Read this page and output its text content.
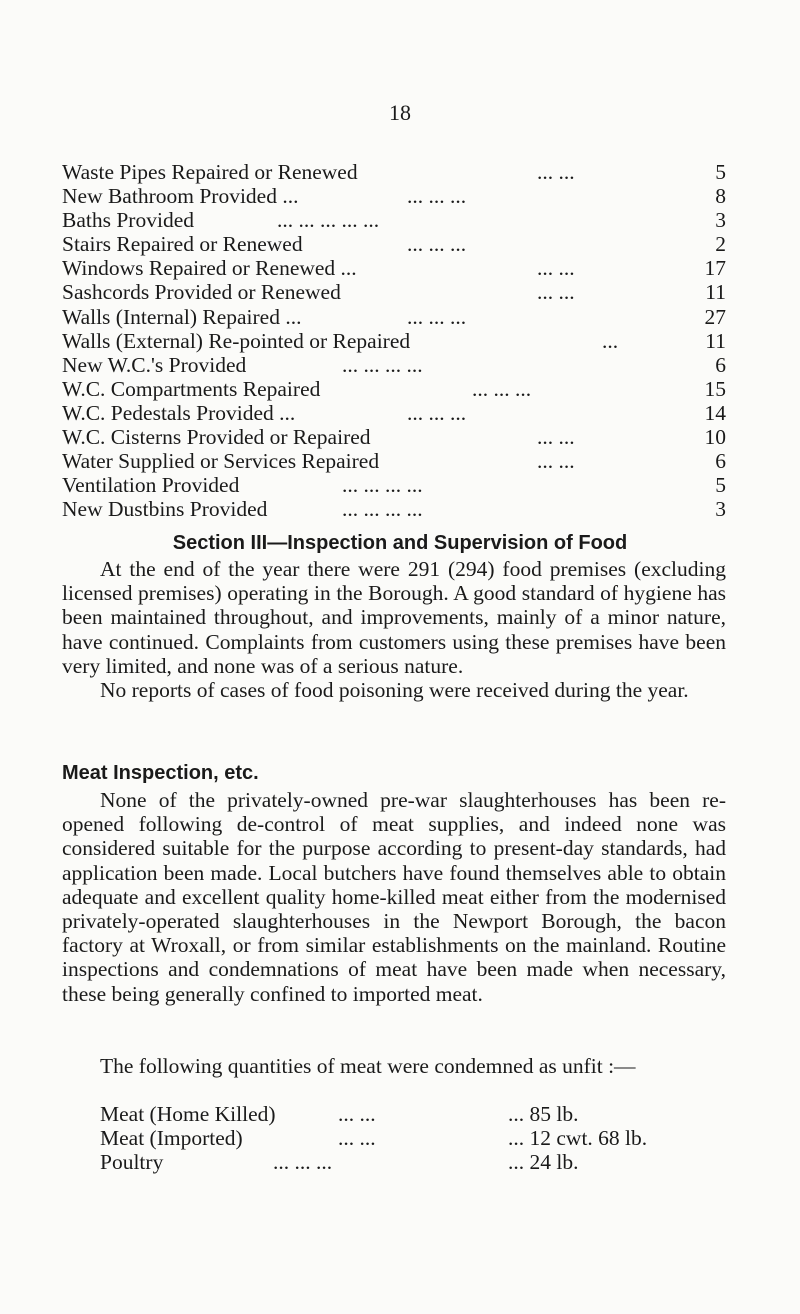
18
Waste Pipes Repaired or Renewed	... ...	5
New Bathroom Provided ...	... ... ...	8
Baths Provided	... ... ... ... ...	3
Stairs Repaired or Renewed	... ... ...	2
Windows Repaired or Renewed ...	... ...	17
Sashcords Provided or Renewed	... ...	11
Walls (Internal) Repaired ...	... ... ...	27
Walls (External) Re-pointed or Repaired	...	11
New W.C.'s Provided	... ... ... ...	6
W.C. Compartments Repaired	... ... ...	15
W.C. Pedestals Provided ...	... ... ...	14
W.C. Cisterns Provided or Repaired	... ...	10
Water Supplied or Services Repaired	... ...	6
Ventilation Provided	... ... ... ...	5
New Dustbins Provided	... ... ... ...	3
Section III—Inspection and Supervision of Food

At the end of the year there were 291 (294) food premises (excluding licensed premises) operating in the Borough. A good standard of hygiene has been maintained throughout, and improvements, mainly of a minor nature, have continued. Complaints from customers using these premises have been very limited, and none was of a serious nature.

No reports of cases of food poisoning were received during the year.

Meat Inspection, etc.

None of the privately-owned pre-war slaughterhouses has been re-opened following de-control of meat supplies, and indeed none was considered suitable for the purpose according to present-day standards, had application been made. Local butchers have found themselves able to obtain adequate and excellent quality home-killed meat either from the modernised privately-operated slaughterhouses in the Newport Borough, the bacon factory at Wroxall, or from similar establishments on the mainland. Routine inspections and condemnations of meat have been made when necessary, these being generally confined to imported meat.

The following quantities of meat were condemned as unfit :—

Meat (Home Killed)	... ...	... 85 lb.
Meat (Imported)	... ...	... 12 cwt. 68 lb.
Poultry	... ... ...	... 24 lb.
